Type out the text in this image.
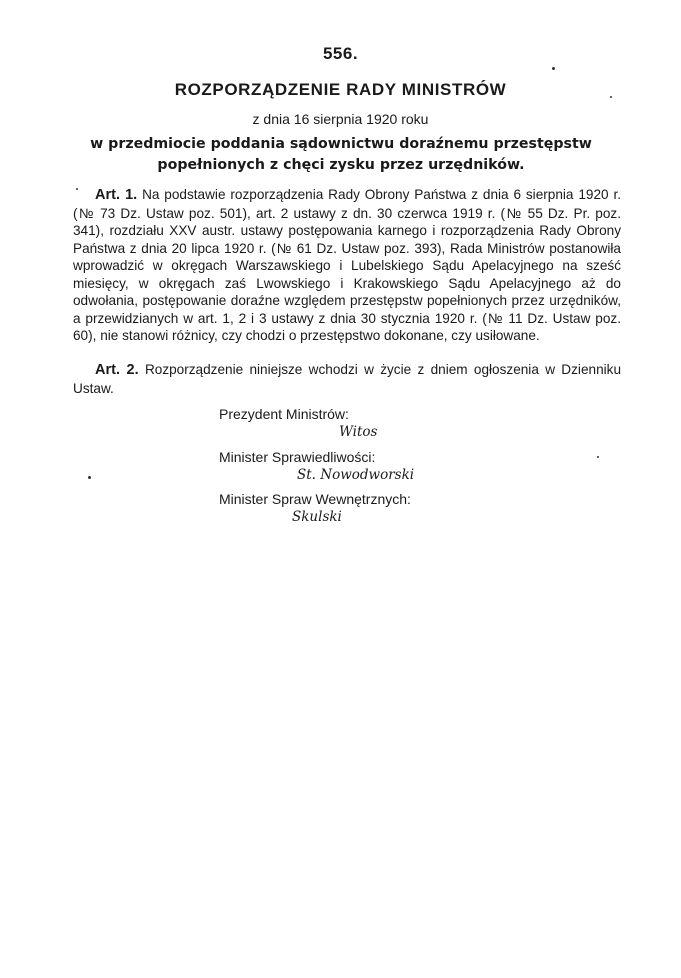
556.
ROZPORZĄDZENIE RADY MINISTRÓW
z dnia 16 sierpnia 1920 roku
w przedmiocie poddania sądownictwu doraźnemu przestępstw popełnionych z chęci zysku przez urzędników.

Art. 1. Na podstawie rozporządzenia Rady Obrony Państwa z dnia 6 sierpnia 1920 r. (№ 73 Dz. Ustaw poz. 501), art. 2 ustawy z dn. 30 czerwca 1919 r. (№ 55 Dz. Pr. poz. 341), rozdziału XXV austr. ustawy postępowania karnego i rozporządzenia Rady Obrony Państwa z dnia 20 lipca 1920 r. (№ 61 Dz. Ustaw poz. 393), Rada Ministrów postanowiła wprowadzić w okręgach Warszawskiego i Lubelskiego Sądu Apelacyjnego na sześć miesięcy, w okręgach zaś Lwowskiego i Krakowskiego Sądu Apelacyjnego aż do odwołania, postępowanie doraźne względem przestępstw popełnionych przez urzędników, a przewidzianych w art. 1, 2 i 3 ustawy z dnia 30 stycznia 1920 r. (№ 11 Dz. Ustaw poz. 60), nie stanowi różnicy, czy chodzi o przestępstwo dokonane, czy usiłowane.

Art. 2. Rozporządzenie niniejsze wchodzi w życie z dniem ogłoszenia w Dzienniku Ustaw.

Prezydent Ministrów:
Witos
Minister Sprawiedliwości:
St. Nowodworski
Minister Spraw Wewnętrznych:
Skulski
